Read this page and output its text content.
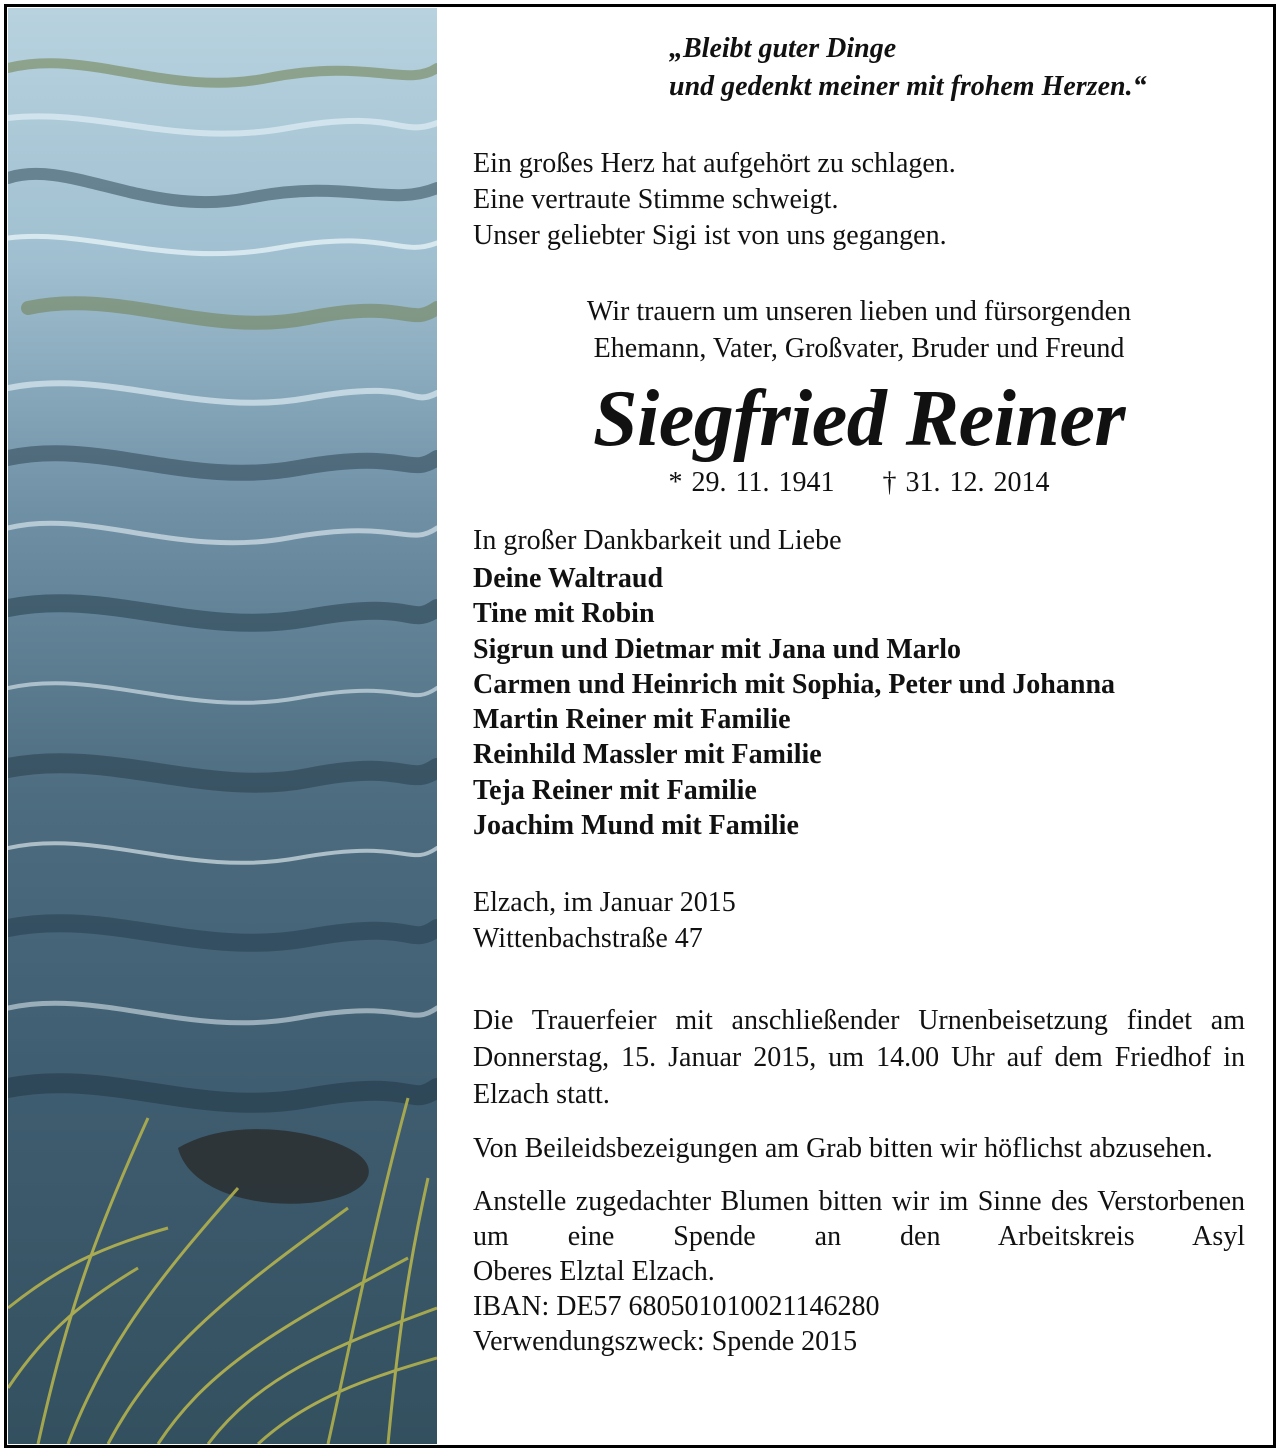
„Bleibt guter Dinge
und gedenkt meiner mit frohem Herzen.“
Ein großes Herz hat aufgehört zu schlagen.
Eine vertraute Stimme schweigt.
Unser geliebter Sigi ist von uns gegangen.
Wir trauern um unseren lieben und fürsorgenden
Ehemann, Vater, Großvater, Bruder und Freund
Siegfried Reiner
* 29. 11. 1941 † 31. 12. 2014
In großer Dankbarkeit und Liebe
Deine Waltraud
Tine mit Robin
Sigrun und Dietmar mit Jana und Marlo
Carmen und Heinrich mit Sophia, Peter und Johanna
Martin Reiner mit Familie
Reinhild Massler mit Familie
Teja Reiner mit Familie
Joachim Mund mit Familie
Elzach, im Januar 2015
Wittenbachstraße 47
Die Trauerfeier mit anschließender Urnenbeisetzung findet am Donnerstag, 15. Januar 2015, um 14.00 Uhr auf dem Friedhof in Elzach statt.
Von Beileidsbezeigungen am Grab bitten wir höflichst abzusehen.
Anstelle zugedachter Blumen bitten wir im Sinne des Verstorbenen um eine Spende an den Arbeitskreis Asyl
Oberes Elztal Elzach.
IBAN: DE57 680501010021146280
Verwendungszweck: Spende 2015
